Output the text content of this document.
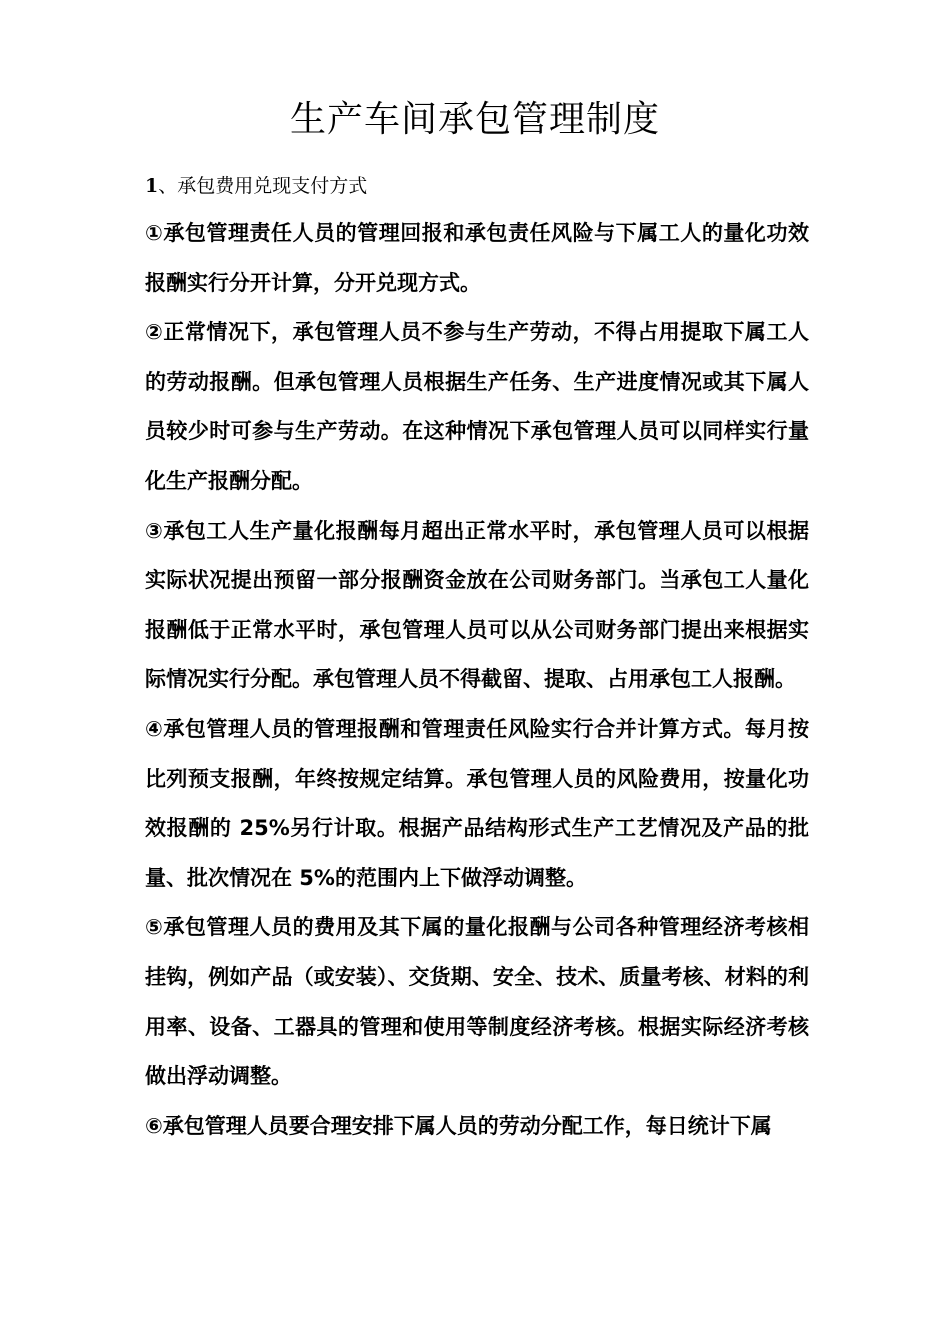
生产车间承包管理制度
1、承包费用兑现支付方式

①承包管理责任人员的管理回报和承包责任风险与下属工人的量化功效报酬实行分开计算，分开兑现方式。

②正常情况下，承包管理人员不参与生产劳动，不得占用提取下属工人的劳动报酬。但承包管理人员根据生产任务、生产进度情况或其下属人员较少时可参与生产劳动。在这种情况下承包管理人员可以同样实行量化生产报酬分配。

③承包工人生产量化报酬每月超出正常水平时，承包管理人员可以根据实际状况提出预留一部分报酬资金放在公司财务部门。当承包工人量化报酬低于正常水平时，承包管理人员可以从公司财务部门提出来根据实际情况实行分配。承包管理人员不得截留、提取、占用承包工人报酬。

④承包管理人员的管理报酬和管理责任风险实行合并计算方式。每月按比列预支报酬，年终按规定结算。承包管理人员的风险费用，按量化功效报酬的 25%另行计取。根据产品结构形式生产工艺情况及产品的批量、批次情况在 5%的范围内上下做浮动调整。

⑤承包管理人员的费用及其下属的量化报酬与公司各种管理经济考核相挂钩，例如产品（或安装）、交货期、安全、技术、质量考核、材料的利用率、设备、工器具的管理和使用等制度经济考核。根据实际经济考核做出浮动调整。

⑥承包管理人员要合理安排下属人员的劳动分配工作，每日统计下属
